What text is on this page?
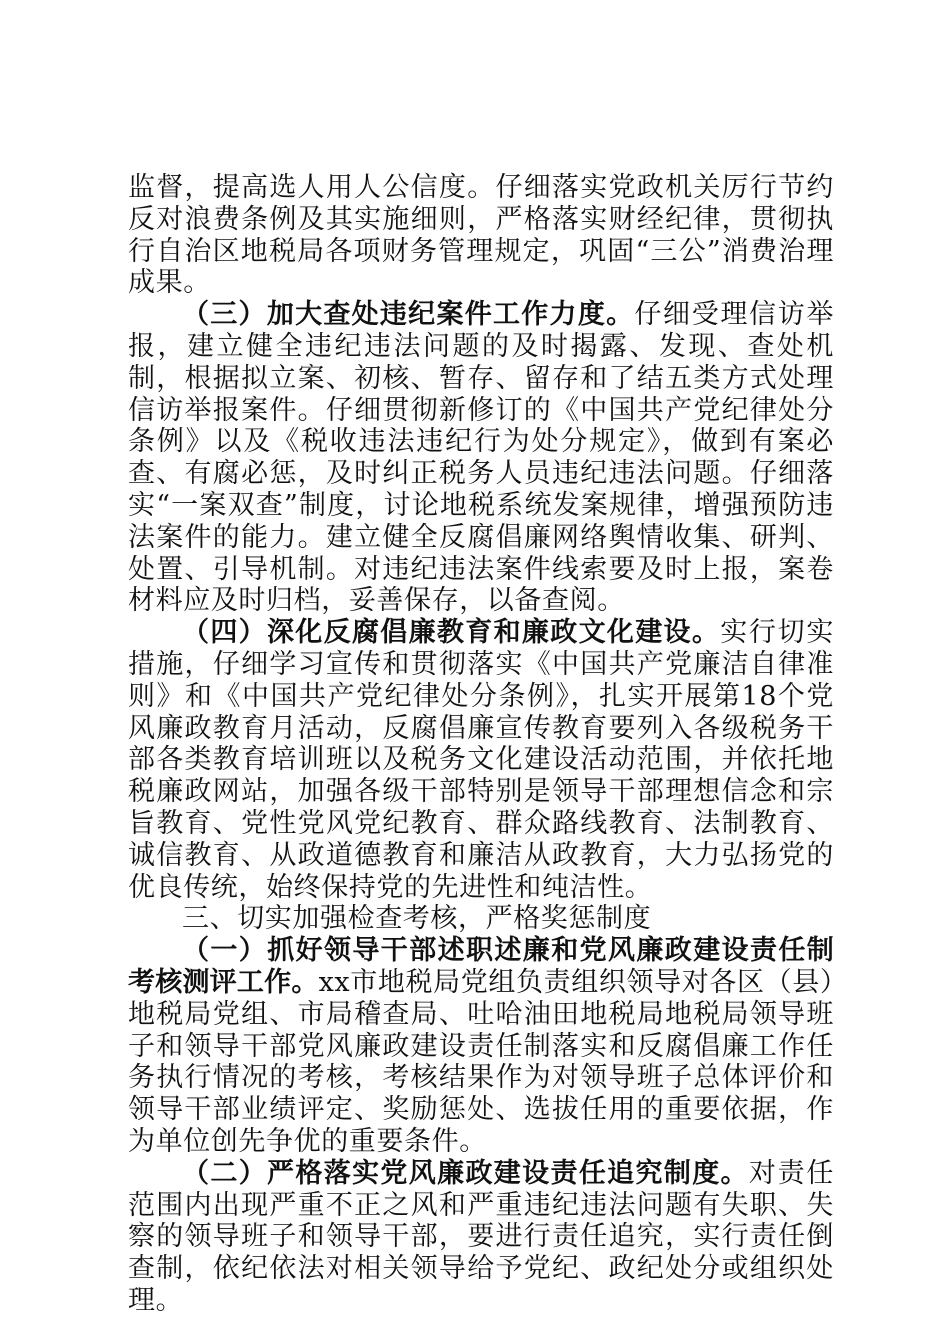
监督，提高选人用人公信度。仔细落实党政机关厉行节约反对浪费条例及其实施细则，严格落实财经纪律，贯彻执行自治区地税局各项财务管理规定，巩固“三公”消费治理成果。

（三）加大查处违纪案件工作力度。仔细受理信访举报，建立健全违纪违法问题的及时揭露、发现、查处机制，根据拟立案、初核、暂存、留存和了结五类方式处理信访举报案件。仔细贯彻新修订的《中国共产党纪律处分条例》以及《税收违法违纪行为处分规定》，做到有案必查、有腐必惩，及时纠正税务人员违纪违法问题。仔细落实“一案双查”制度，讨论地税系统发案规律，增强预防违法案件的能力。建立健全反腐倡廉网络舆情收集、研判、处置、引导机制。对违纪违法案件线索要及时上报，案卷材料应及时归档，妥善保存，以备查阅。

（四）深化反腐倡廉教育和廉政文化建设。实行切实措施，仔细学习宣传和贯彻落实《中国共产党廉洁自律准则》和《中国共产党纪律处分条例》，扎实开展第18个党风廉政教育月活动，反腐倡廉宣传教育要列入各级税务干部各类教育培训班以及税务文化建设活动范围，并依托地税廉政网站，加强各级干部特别是领导干部理想信念和宗旨教育、党性党风党纪教育、群众路线教育、法制教育、诚信教育、从政道德教育和廉洁从政教育，大力弘扬党的优良传统，始终保持党的先进性和纯洁性。

三、切实加强检查考核，严格奖惩制度

（一）抓好领导干部述职述廉和党风廉政建设责任制考核测评工作。xx市地税局党组负责组织领导对各区（县）地税局党组、市局稽查局、吐哈油田地税局地税局领导班子和领导干部党风廉政建设责任制落实和反腐倡廉工作任务执行情况的考核，考核结果作为对领导班子总体评价和领导干部业绩评定、奖励惩处、选拔任用的重要依据，作为单位创先争优的重要条件。

（二）严格落实党风廉政建设责任追究制度。对责任范围内出现严重不正之风和严重违纪违法问题有失职、失察的领导班子和领导干部，要进行责任追究，实行责任倒查制，依纪依法对相关领导给予党纪、政纪处分或组织处理。
